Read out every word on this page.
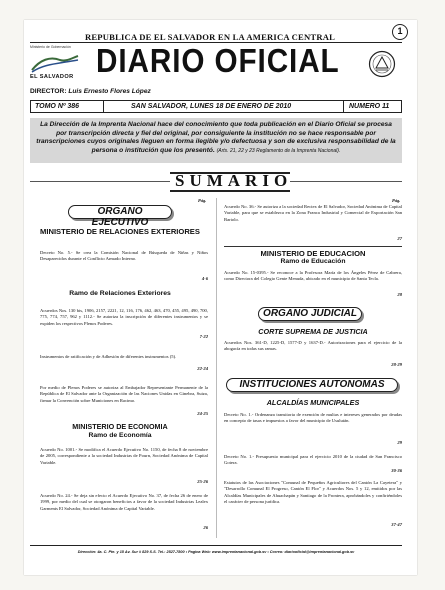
REPUBLICA DE EL SALVADOR EN LA AMERICA CENTRAL
1
Ministerio de Gobernación
EL SALVADOR DIARIO OFICIAL
DIRECTOR: Luis Ernesto Flores López
TOMO Nº 386	SAN SALVADOR, LUNES 18 DE ENERO DE 2010	NUMERO 11
La Dirección de la Imprenta Nacional hace del conocimiento que toda publicación en el Diario Oficial se procesa por transcripción directa y fiel del original, por consiguiente la institución no se hace responsable por transcripciones cuyos originales lleguen en forma ilegible y/o defectuosa y son de exclusiva responsabilidad de la persona o institución que los presentó. (Arts. 21, 22 y 23 Reglamento de la Imprenta Nacional).
SUMARIO
Pág.
ORGANO EJECUTIVO
MINISTERIO DE RELACIONES EXTERIORES
Decreto No. 5.- Se crea la Comisión Nacional de Búsqueda de Niñas y Niños Desaparecidos durante el Conflicto Armado Interno.
4-6
Ramo de Relaciones Exteriores
Acuerdos Nos. 130 bis, 1906, 2157, 2221, 12, 116, 176, 462, 463, 470, 455, 495, 490, 700, 775, 774, 757, 962 y 1112.- Se autoriza la inscripción de diferentes instrumentos y se expiden los respectivos Plenos Poderes.
7-22
Instrumentos de ratificación y de Adhesión de diferentes instrumentos (5).
22-24
Por medio de Plenos Poderes se autoriza al Embajador Representante Permanente de la República de El Salvador ante la Organización de las Naciones Unidas en Ginebra, Suiza, firmar la Convención sobre Municiones en Racimo.
24-25
MINISTERIO DE ECONOMIA
Ramo de Economía
Acuerdo No. 1001.- Se modifica el Acuerdo Ejecutivo No. 1150, de fecha 8 de noviembre de 2005, correspondiente a la sociedad Industrias de Pourn, Sociedad Anónima de Capital Variable.
25-26
Acuerdo No. 24.- Se deja sin efecto el Acuerdo Ejecutivo No. 37, de fecha 26 de enero de 1999, por medio del cual se otorgaron beneficios a favor de la sociedad Industrias Lealex Garments El Salvador, Sociedad Anónima de Capital Variable.
26
Pág.
Acuerdo No. 36.- Se autoriza a la sociedad Rectex de El Salvador, Sociedad Anónima de Capital Variable, para que se establezca en la Zona Franca Industrial y Comercial de Exportación San Bartolo.
27
MINISTERIO DE EDUCACION
Ramo de Educación
Acuerdo No. 15-0395.- Se reconoce a la Profesora María de los Ángeles Pérez de Cabrera, como Directora del Colegio Gente Menuda, ubicado en el municipio de Santa Tecla.
28
ORGANO JUDICIAL
CORTE SUPREMA DE JUSTICIA
Acuerdos Nos. 361-D, 1225-D, 1577-D y 1637-D.- Autorizaciones para el ejercicio de la abogacía en todas sus ramas.
28-29
INSTITUCIONES AUTONOMAS
ALCALDÍAS MUNICIPALES
Decreto No. 1.- Ordenanza transitoria de exención de multas e intereses generados por deudas en concepto de tasas e impuestos a favor del municipio de Usulután.
29
Decreto No. 1.- Presupuesto municipal para el ejercicio 2010 de la ciudad de San Francisco Gotera.
30-36
Estatutos de las Asociaciones "Comunal de Pequeños Agricultores del Cantón La Cayetera" y "Desarrollo Comunal El Progreso, Cantón El Flor" y Acuerdos Nos. 5 y 12, emitidos por las Alcaldías Municipales de Ahuachapán y Santiago de la Frontera, aprobándoles y confiriéndoles el carácter de persona jurídica.
37-47
Dirección: 4a. C. Pte. y 15 Av. Sur # 829 S.S. Tel.: 2527-7800 • Pagina Web: www.imprentanacional.gob.sv • Correo: diariooficial@imprentanacional.gob.sv
